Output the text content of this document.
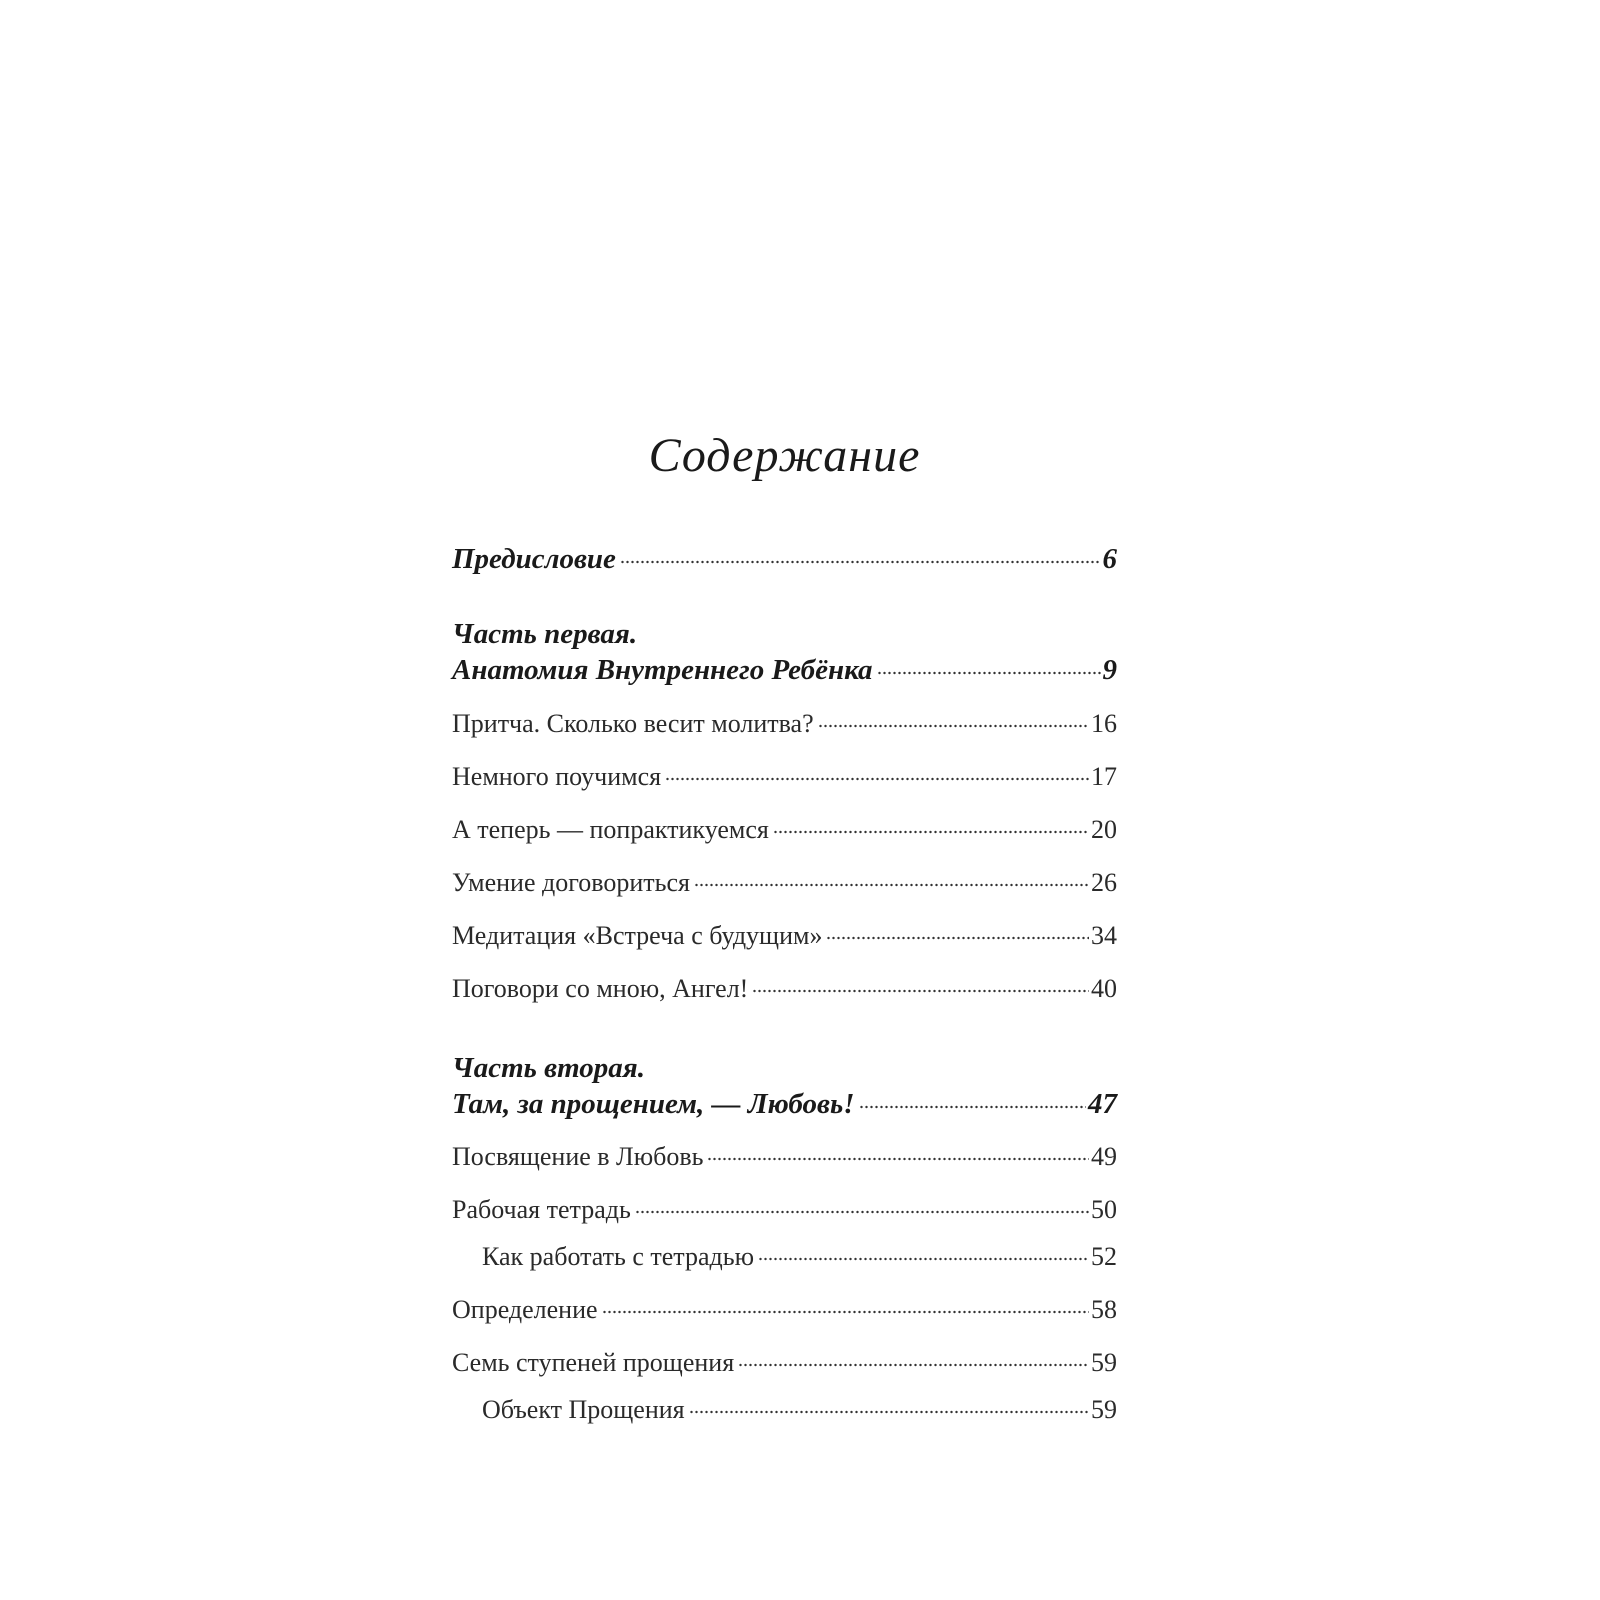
Содержание
Предисловие	6
Часть первая.
Анатомия Внутреннего Ребёнка	9
Притча. Сколько весит молитва?	16
Немного поучимся	17
А теперь — попрактикуемся	20
Умение договориться	26
Медитация «Встреча с будущим»	34
Поговори со мною, Ангел!	40
Часть вторая.
Там, за прощением, — Любовь!	47
Посвящение в Любовь	49
Рабочая тетрадь	50
Как работать с тетрадью	52
Определение	58
Семь ступеней прощения	59
Объект Прощения	59
